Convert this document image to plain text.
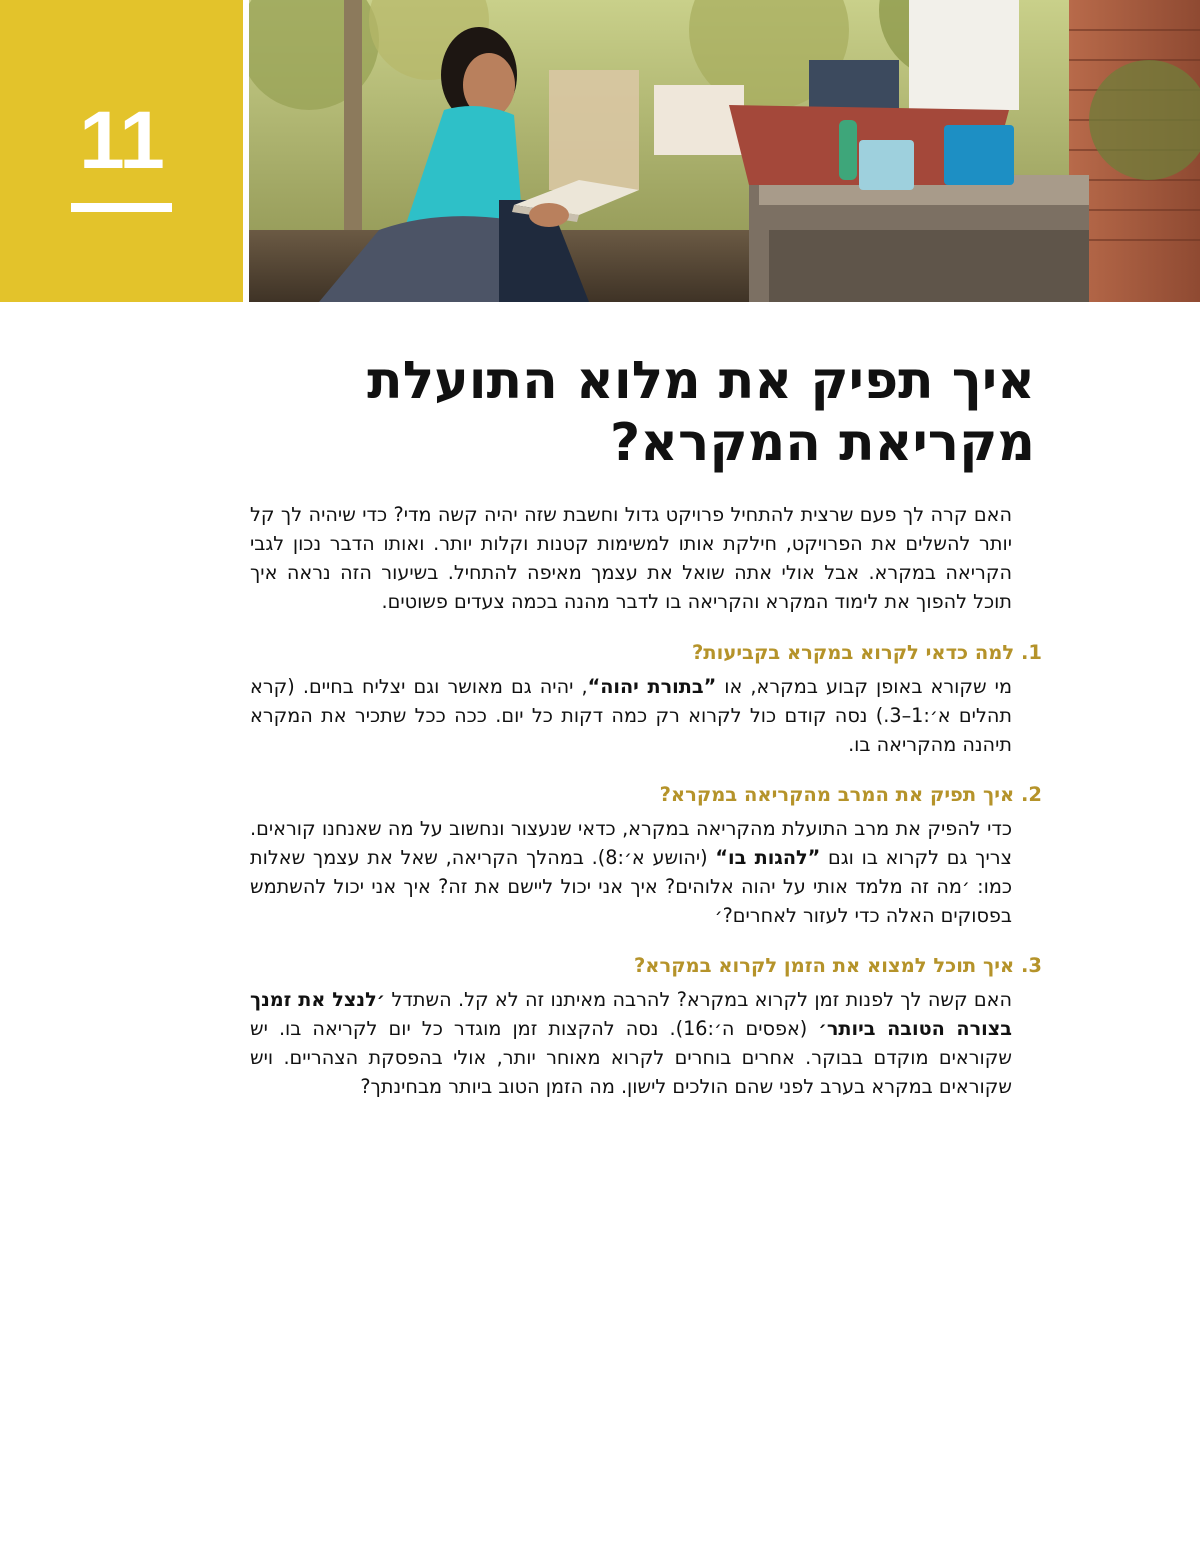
11
איך תפיק את מלוא התועלת
מקריאת המקרא?

האם קרה לך פעם שרצית להתחיל פרויקט גדול וחשבת שזה יהיה קשה מדי? כדי שיהיה לך קל יותר להשלים את הפרויקט, חילקת אותו למשימות קטנות וקלות יותר. ואותו הדבר נכון לגבי הקריאה במקרא. אבל אולי אתה שואל את עצמך מאיפה להתחיל. בשיעור הזה נראה איך תוכל להפוך את לימוד המקרא והקריאה בו לדבר מהנה בכמה צעדים פשוטים.

1. למה כדאי לקרוא במקרא בקביעות?

מי שקורא באופן קבוע במקרא, או ”בתורת יהוה“, יהיה גם מאושר וגם יצליח בחיים. (קרא תהלים א׳:1–3.) נסה קודם כול לקרוא רק כמה דקות כל יום. ככה ככל שתכיר את המקרא תיהנה מהקריאה בו.

2. איך תפיק את המרב מהקריאה במקרא?

כדי להפיק את מרב התועלת מהקריאה במקרא, כדאי שנעצור ונחשוב על מה שאנחנו קוראים. צריך גם לקרוא בו וגם ”להגות בו“ (יהושע א׳:8). במהלך הקריאה, שאל את עצמך שאלות כמו: ׳מה זה מלמד אותי על יהוה אלוהים? איך אני יכול ליישם את זה? איך אני יכול להשתמש בפסוקים האלה כדי לעזור לאחרים?׳

3. איך תוכל למצוא את הזמן לקרוא במקרא?

האם קשה לך לפנות זמן לקרוא במקרא? להרבה מאיתנו זה לא קל. השתדל ׳לנצל את זמנך בצורה הטובה ביותר׳ (אפסים ה׳:16). נסה להקצות זמן מוגדר כל יום לקריאה בו. יש שקוראים מוקדם בבוקר. אחרים בוחרים לקרוא מאוחר יותר, אולי בהפסקת הצהריים. ויש שקוראים במקרא בערב לפני שהם הולכים לישון. מה הזמן הטוב ביותר מבחינתך?
